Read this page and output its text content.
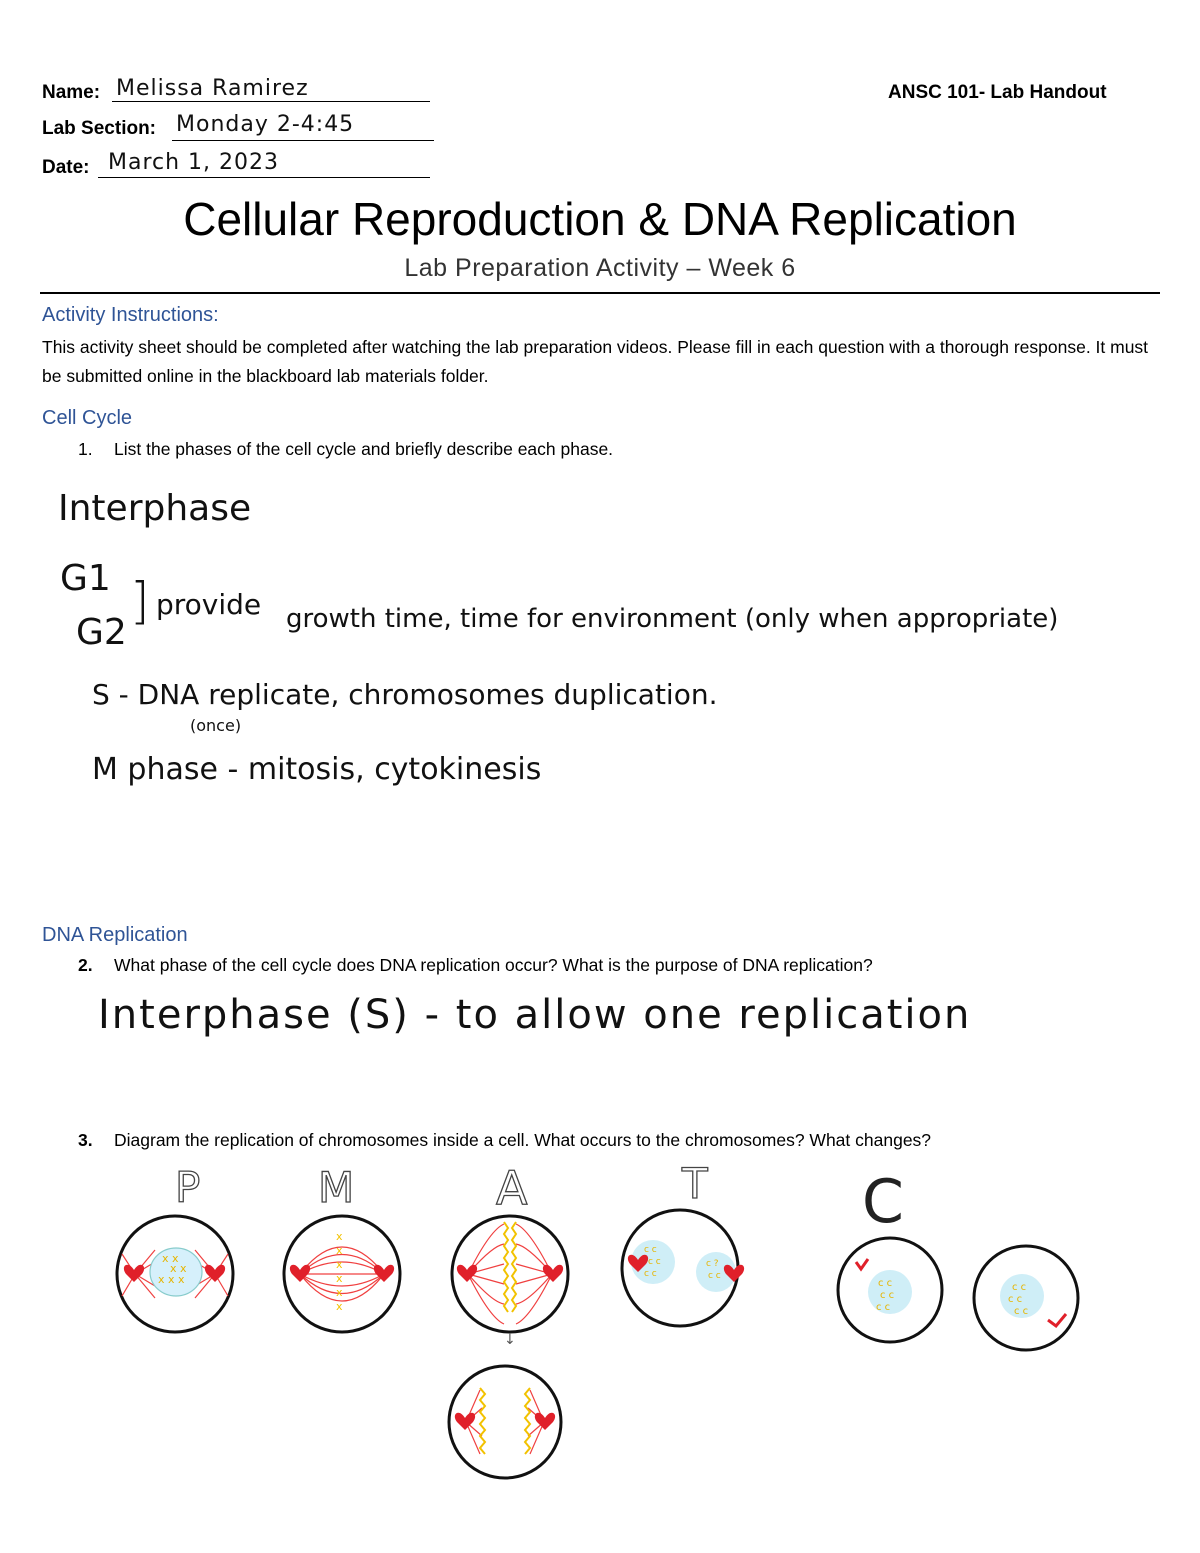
Name: Melissa Ramirez
Lab Section: Monday 2-4:45
Date: March 1, 2023
ANSC 101- Lab Handout
Cellular Reproduction & DNA Replication
Lab Preparation Activity – Week 6
Activity Instructions:
This activity sheet should be completed after watching the lab preparation videos. Please fill in each question with a thorough response. It must be submitted online in the blackboard lab materials folder.
Cell Cycle
1. List the phases of the cell cycle and briefly describe each phase.
Interphase
G1
G2
] provide growth time, time for environment (only when appropriate)
S - DNA replicate, chromosomes duplication.
(once)
M phase - mitosis, cytokinesis
DNA Replication
2. What phase of the cell cycle does DNA replication occur? What is the purpose of DNA replication?
Interphase (S) - to allow one replication
3. Diagram the replication of chromosomes inside a cell. What occurs to the chromosomes? What changes?
P	M	A	T	C
x x
x x
x x x
x
x
x
x
x
x
↓
c c
c c
c c
c ?
c c
c c
c c
c c
c c
c c
c c
